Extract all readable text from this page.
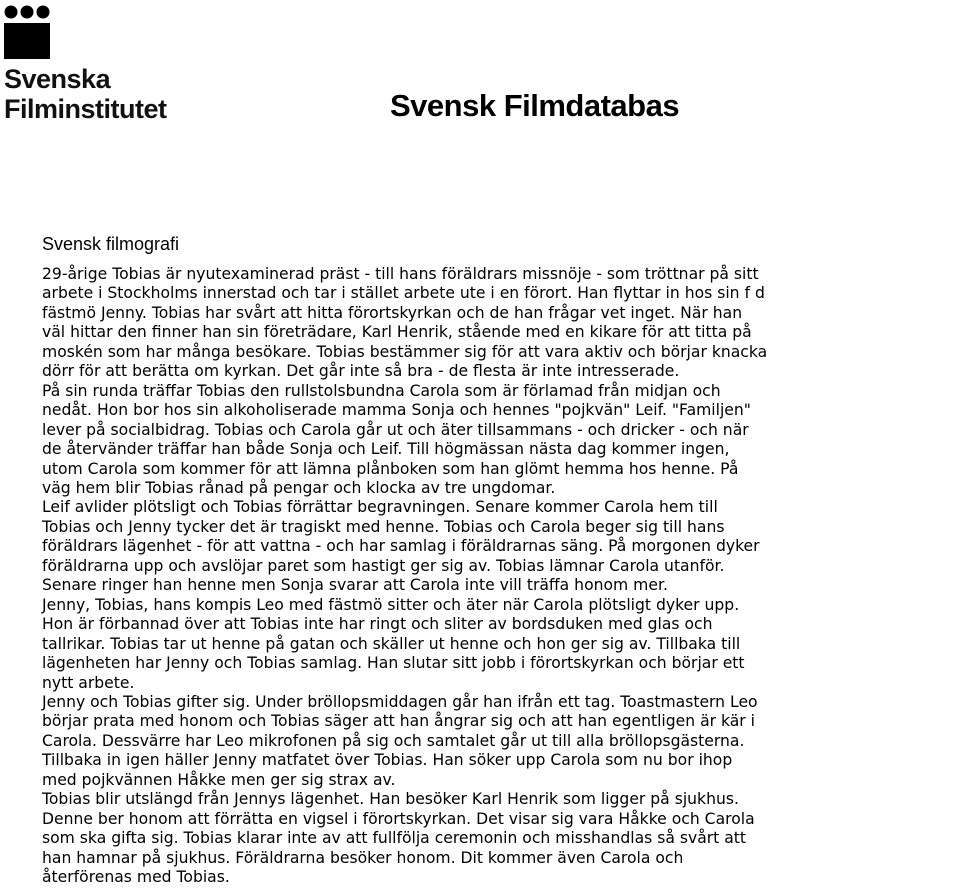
Svenska
Filminstitutet	Svensk Filmdatabas
Svensk filmografi
29-årige Tobias är nyutexaminerad präst - till hans föräldrars missnöje - som tröttnar på sitt
arbete i Stockholms innerstad och tar i stället arbete ute i en förort. Han flyttar in hos sin f d
fästmö Jenny. Tobias har svårt att hitta förortskyrkan och de han frågar vet inget. När han
väl hittar den finner han sin företrädare, Karl Henrik, stående med en kikare för att titta på
moskén som har många besökare. Tobias bestämmer sig för att vara aktiv och börjar knacka
dörr för att berätta om kyrkan. Det går inte så bra - de flesta är inte intresserade.
På sin runda träffar Tobias den rullstolsbundna Carola som är förlamad från midjan och
nedåt. Hon bor hos sin alkoholiserade mamma Sonja och hennes "pojkvän" Leif. "Familjen"
lever på socialbidrag. Tobias och Carola går ut och äter tillsammans - och dricker - och när
de återvänder träffar han både Sonja och Leif. Till högmässan nästa dag kommer ingen,
utom Carola som kommer för att lämna plånboken som han glömt hemma hos henne. På
väg hem blir Tobias rånad på pengar och klocka av tre ungdomar.
Leif avlider plötsligt och Tobias förrättar begravningen. Senare kommer Carola hem till
Tobias och Jenny tycker det är tragiskt med henne. Tobias och Carola beger sig till hans
föräldrars lägenhet - för att vattna - och har samlag i föräldrarnas säng. På morgonen dyker
föräldrarna upp och avslöjar paret som hastigt ger sig av. Tobias lämnar Carola utanför.
Senare ringer han henne men Sonja svarar att Carola inte vill träffa honom mer.
Jenny, Tobias, hans kompis Leo med fästmö sitter och äter när Carola plötsligt dyker upp.
Hon är förbannad över att Tobias inte har ringt och sliter av bordsduken med glas och
tallrikar. Tobias tar ut henne på gatan och skäller ut henne och hon ger sig av. Tillbaka till
lägenheten har Jenny och Tobias samlag. Han slutar sitt jobb i förortskyrkan och börjar ett
nytt arbete.
Jenny och Tobias gifter sig. Under bröllopsmiddagen går han ifrån ett tag. Toastmastern Leo
börjar prata med honom och Tobias säger att han ångrar sig och att han egentligen är kär i
Carola. Dessvärre har Leo mikrofonen på sig och samtalet går ut till alla bröllopsgästerna.
Tillbaka in igen häller Jenny matfatet över Tobias. Han söker upp Carola som nu bor ihop
med pojkvännen Håkke men ger sig strax av.
Tobias blir utslängd från Jennys lägenhet. Han besöker Karl Henrik som ligger på sjukhus.
Denne ber honom att förrätta en vigsel i förortskyrkan. Det visar sig vara Håkke och Carola
som ska gifta sig. Tobias klarar inte av att fullfölja ceremonin och misshandlas så svårt att
han hamnar på sjukhus. Föräldrarna besöker honom. Dit kommer även Carola och
återförenas med Tobias.
